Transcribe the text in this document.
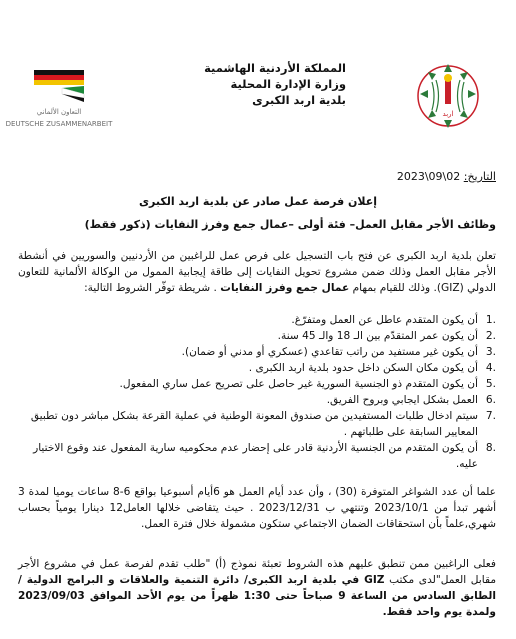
المملكة الأردنية الهاشمية
وزارة الإدارة المحلية
بلدية اربد الكبرى
اربد
التعاون الألماني
DEUTSCHE ZUSAMMENARBEIT
التاريخ: 2023\09\02
إعلان فرصة عمل صادر عن بلدية اربد الكبرى
وظائف الأجر مقابل العمل– فئة أولى –عمال جمع وفرز النفايات (ذكور فقط)
تعلن بلدية اربد الكبرى عن فتح باب التسجيل على فرص عمل للراغبين من الأردنيين والسوريين في أنشطة الأجر مقابل العمل وذلك ضمن مشروع تحويل النفايات إلى طاقة إيجابية الممول من الوكالة الألمانية للتعاون الدولي (GIZ). وذلك للقيام بمهام عمال جمع وفرز النفايات . شريطة توفّر الشروط التالية:
.1
أن يكون المتقدم عاطل عن العمل ومتفرّغ.
.2
أن يكون عمر المتقدّم بين الـ 18 والـ 45 سنة.
.3
أن يكون غير مستفيد من راتب تقاعدي (عسكري أو مدني أو ضمان).
.4
أن يكون مكان السكن داخل حدود بلدية اربد الكبرى .
.5
أن يكون المتقدم ذو الجنسية السورية غير حاصل على تصريح عمل ساري المفعول.
.6
العمل بشكل ايجابي وبروح الفريق.
.7
سيتم ادخال طلبات المستفيدين من صندوق المعونة الوطنية في عملية القرعة بشكل مباشر دون تطبيق المعايير السابقة على طلباتهم .
.8
أن يكون المتقدم من الجنسية الأردنية قادر على إحضار عدم محكوميه سارية المفعول عند وقوع الاختيار عليه.
علما أن عدد الشواغر المتوفرة (30) ، وأن عدد أيام العمل هو 6أيام أسبوعيا بواقع 6-8 ساعات يوميا لمدة 3 أشهر تبدأ من 2023/10/1 وتنتهي ب 2023/12/31 . حيث يتقاضى خلالها العامل12 دينارا يومياً بحساب شهري,علماً بأن استحقاقات الضمان الاجتماعي ستكون مشمولة خلال فترة العمل.
فعلى الراغبين ممن تنطبق عليهم هذه الشروط تعبئة نموذج (أ) "طلب تقدم لفرصة عمل في مشروع الأجر مقابل العمل"لدى مكتب GIZ في بلدية اربد الكبرى/ دائرة التنمية والعلاقات و البرامج الدولية / الطابق السادس من الساعة 9 صباحاً حتى 1:30 ظهراً من يوم الأحد الموافق 2023/09/03 ولمدة يوم واحد فقط.
